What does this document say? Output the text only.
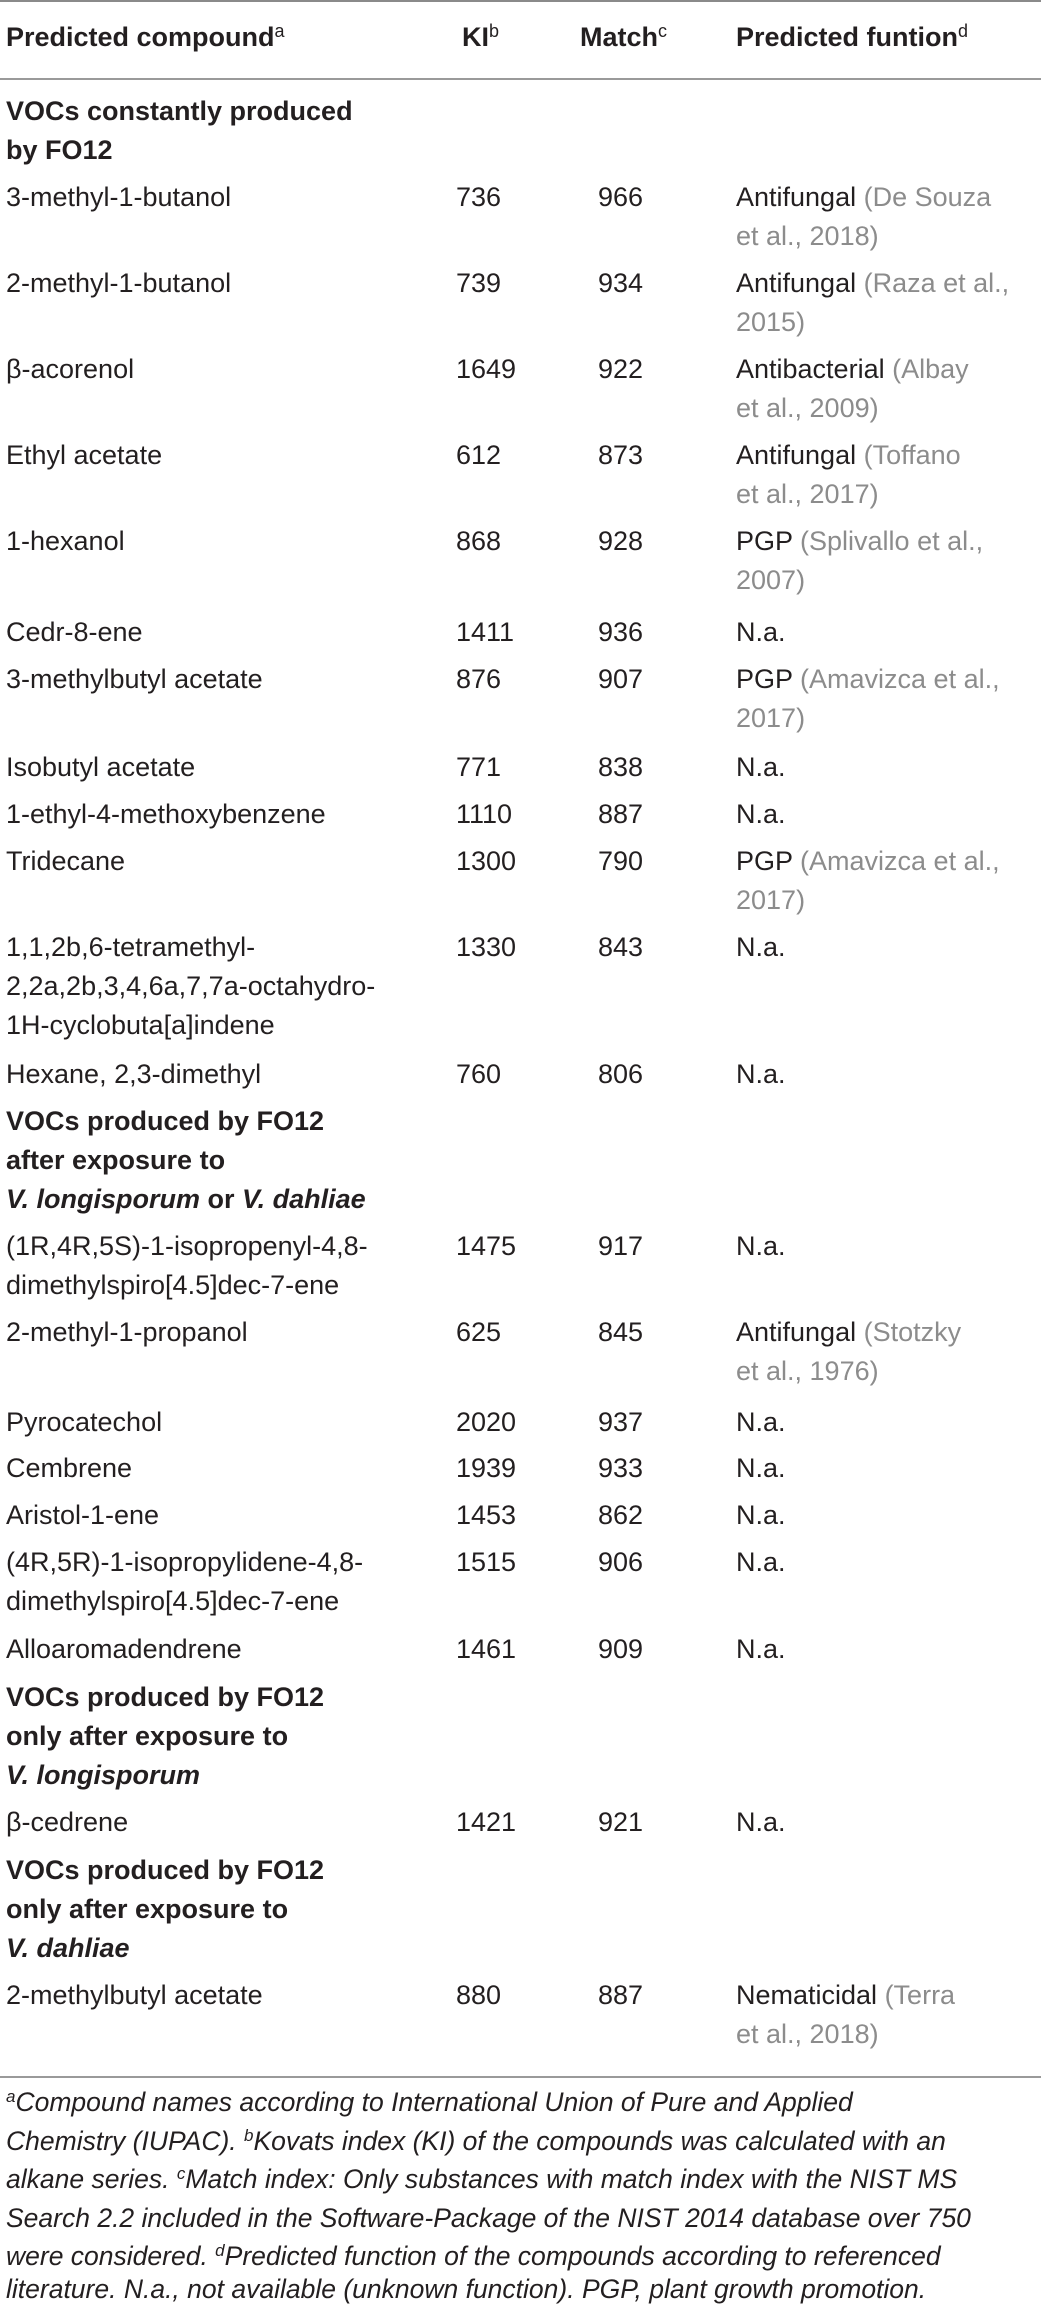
Predicted compound$^a$	$KI^b$	Match$^c$	Predicted funtion$^d$
VOCs constantly produced
by FO12
3-methyl-1-butanol	736	966	Antifungal (De Souza
et al., 2018)
2-methyl-1-butanol	739	934	Antifungal (Raza et al.,
2015)
β-acorenol	1649	922	Antibacterial (Albay
et al., 2009)
Ethyl acetate	612	873	Antifungal (Toffano
et al., 2017)
1-hexanol	868	928	PGP (Splivallo et al.,
2007)
Cedr-8-ene	1411	936	N.a.
3-methylbutyl acetate	876	907	PGP (Amavizca et al.,
2017)
Isobutyl acetate	771	838	N.a.
1-ethyl-4-methoxybenzene	1110	887	N.a.
Tridecane	1300	790	PGP (Amavizca et al.,
2017)
1,1,2b,6-tetramethyl-
2,2a,2b,3,4,6a,7,7a-octahydro-
1H-cyclobuta[a]indene
1330	843	N.a.
Hexane, 2,3-dimethyl	760	806	N.a.
VOCs produced by FO12
after exposure to
V. longisporum or V. dahliae
(1R,4R,5S)-1-isopropenyl-4,8-
dimethylspiro[4.5]dec-7-ene
1475	917	N.a.
2-methyl-1-propanol	625	845	Antifungal (Stotzky
et al., 1976)
Pyrocatechol	2020	937	N.a.
Cembrene	1939	933	N.a.
Aristol-1-ene	1453	862	N.a.
(4R,5R)-1-isopropylidene-4,8-
dimethylspiro[4.5]dec-7-ene
1515	906	N.a.
Alloaromadendrene	1461	909	N.a.
VOCs produced by FO12
only after exposure to
V. longisporum
β-cedrene	1421	921	N.a.
VOCs produced by FO12
only after exposure to
V. dahliae
2-methylbutyl acetate	880	887	Nematicidal (Terra
et al., 2018)
$^a$Compound names according to International Union of Pure and Applied
Chemistry (IUPAC). $^b$Kovats index (KI) of the compounds was calculated with an
alkane series. $^c$Match index: Only substances with match index with the NIST MS
Search 2.2 included in the Software-Package of the NIST 2014 database over 750
were considered. $^d$Predicted function of the compounds according to referenced
literature. N.a., not available (unknown function). PGP, plant growth promotion.
